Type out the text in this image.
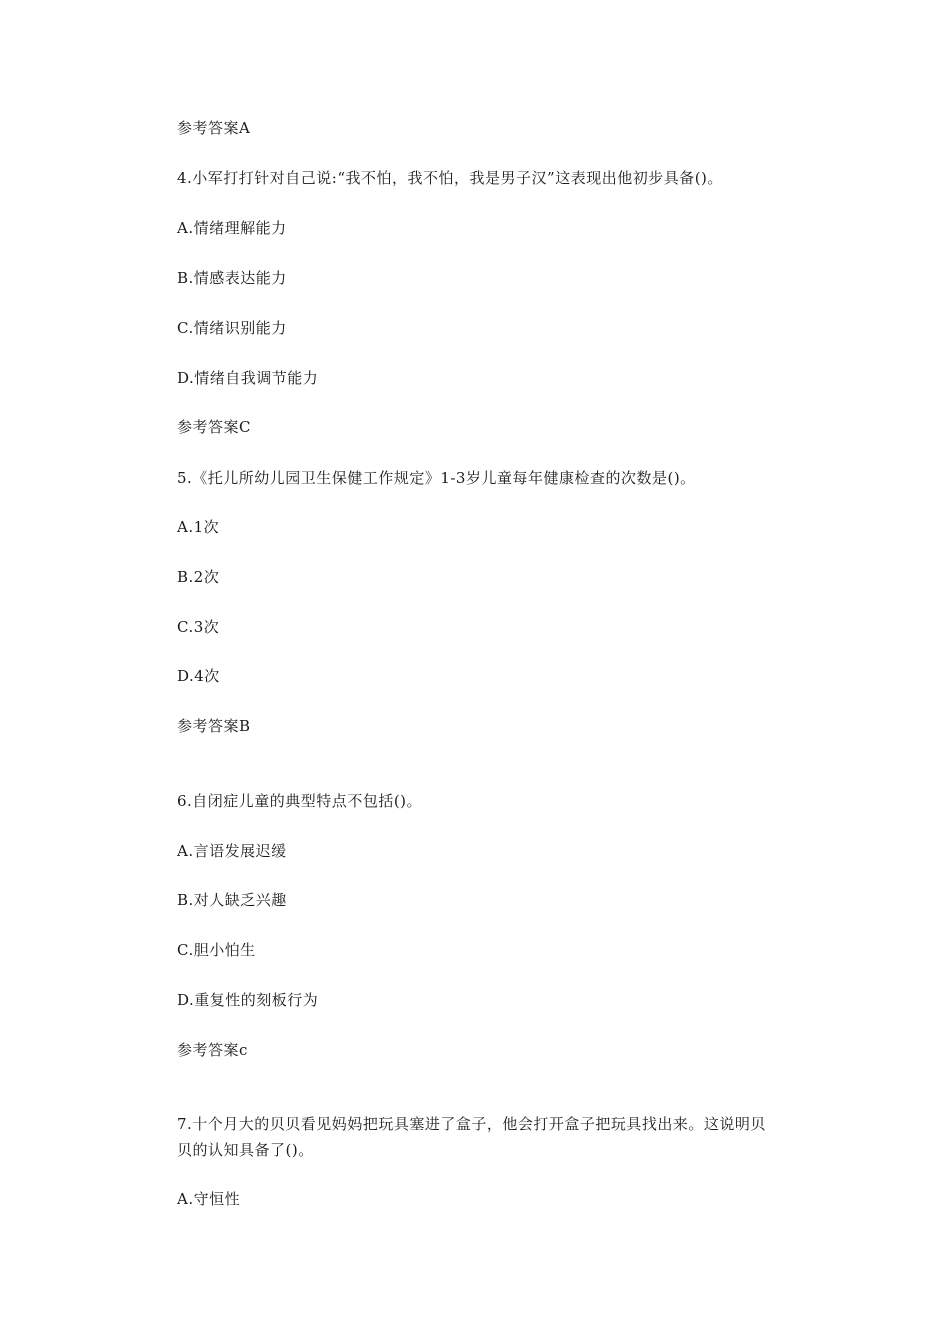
参考答案A
4.小军打打针对自己说:“我不怕，我不怕，我是男子汉”这表现出他初步具备()。
A.情绪理解能力
B.情感表达能力
C.情绪识别能力
D.情绪自我调节能力
参考答案C
5.《托儿所幼儿园卫生保健工作规定》1-3岁儿童每年健康检查的次数是()。
A.1次
B.2次
C.3次
D.4次
参考答案B
6.自闭症儿童的典型特点不包括()。
A.言语发展迟缓
B.对人缺乏兴趣
C.胆小怕生
D.重复性的刻板行为
参考答案c
7.十个月大的贝贝看见妈妈把玩具塞进了盒子，他会打开盒子把玩具找出来。这说明贝
贝的认知具备了()。
A.守恒性
